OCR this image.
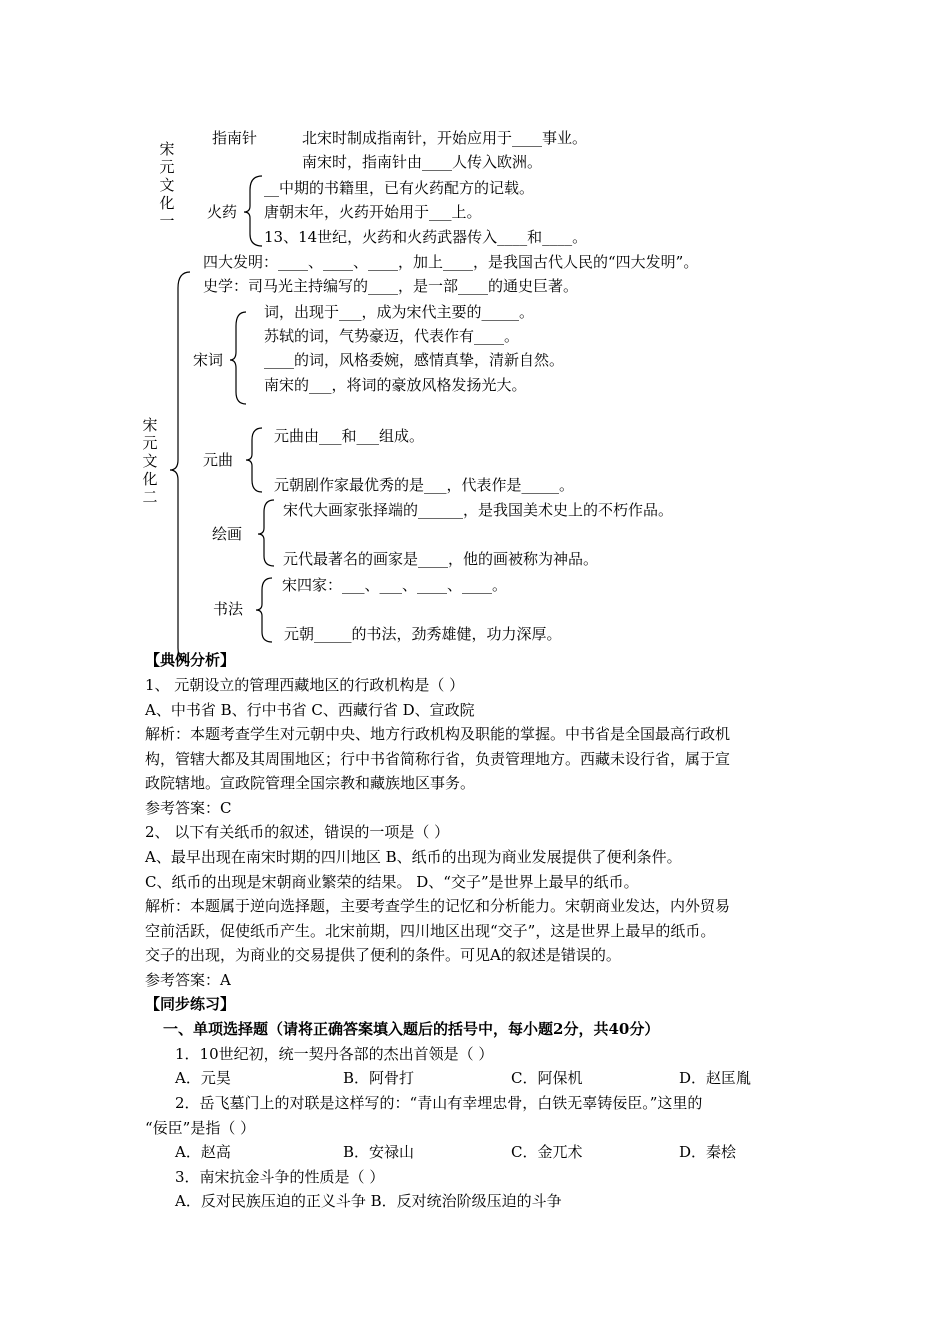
宋元文化一
指南针	北宋时制成指南针，开始应用于____事业。
南宋时，指南针由____人传入欧洲。
火药
__中期的书籍里，已有火药配方的记载。
唐朝末年，火药开始用于___上。
13、14世纪，火药和火药武器传入____和____。
四大发明：____、____、____，加上____，是我国古代人民的“四大发明”。
宋元文化二
史学：司马光主持编写的____，是一部____的通史巨著。
宋词
词，出现于___，成为宋代主要的_____。
苏轼的词，气势豪迈，代表作有____。
____的词，风格委婉，感情真挚，清新自然。
南宋的___，将词的豪放风格发扬光大。
元曲
元曲由___和___组成。
元朝剧作家最优秀的是___，代表作是_____。
绘画
宋代大画家张择端的______，是我国美术史上的不朽作品。
元代最著名的画家是____，他的画被称为神品。
书法
宋四家：___、___、____、____。
元朝_____的书法，劲秀雄健，功力深厚。
【典例分析】
1、 元朝设立的管理西藏地区的行政机构是（ ）
A、中书省 B、行中书省 C、西藏行省 D、宣政院
解析：本题考查学生对元朝中央、地方行政机构及职能的掌握。中书省是全国最高行政机
构，管辖大都及其周围地区；行中书省简称行省，负责管理地方。西藏未设行省，属于宣
政院辖地。宣政院管理全国宗教和藏族地区事务。
参考答案：C
2、 以下有关纸币的叙述，错误的一项是（ ）
A、最早出现在南宋时期的四川地区 B、纸币的出现为商业发展提供了便利条件。
C、纸币的出现是宋朝商业繁荣的结果。 D、“交子”是世界上最早的纸币。
解析：本题属于逆向选择题，主要考查学生的记忆和分析能力。宋朝商业发达，内外贸易
空前活跃，促使纸币产生。北宋前期，四川地区出现“交子”，这是世界上最早的纸币。
交子的出现，为商业的交易提供了便利的条件。可见A的叙述是错误的。
参考答案：A
【同步练习】
一、单项选择题（请将正确答案填入题后的括号中，每小题2分，共40分）
1．10世纪初，统一契丹各部的杰出首领是（ ）
A．元昊	B．阿骨打	C．阿保机	D．赵匡胤
2．岳飞墓门上的对联是这样写的：“青山有幸埋忠骨，白铁无辜铸佞臣。”这里的
“佞臣”是指（ ）
A．赵高	B．安禄山	C．金兀术	D．秦桧
3．南宋抗金斗争的性质是（ ）
A．反对民族压迫的正义斗争 B．反对统治阶级压迫的斗争
